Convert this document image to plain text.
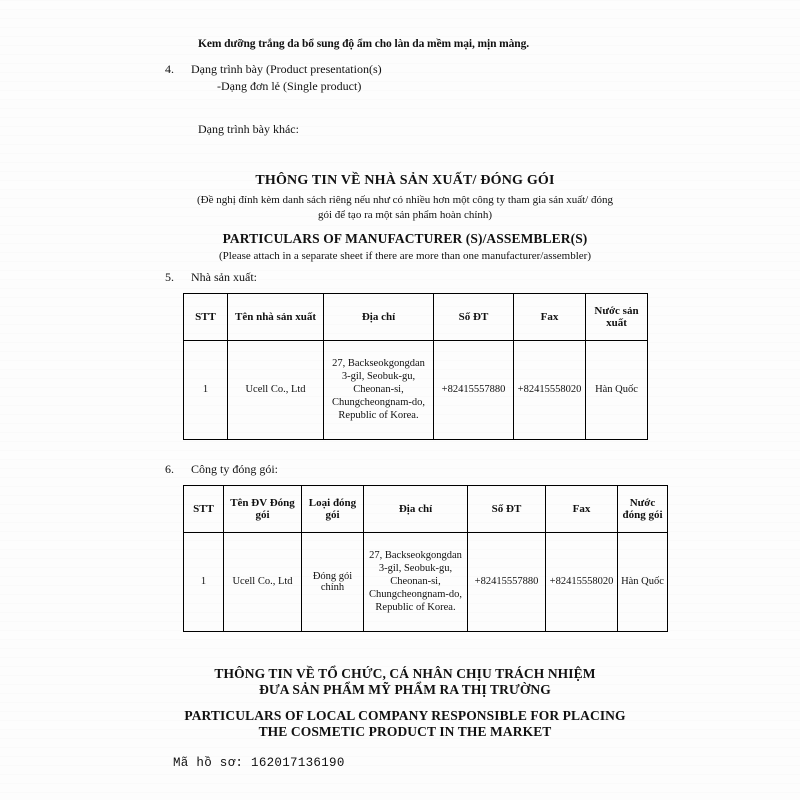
Kem dưỡng trắng da bổ sung độ ẩm cho làn da mềm mại, mịn màng.
4.	Dạng trình bày (Product presentation(s)
-Dạng đơn lẻ (Single product)
Dạng trình bày khác:
THÔNG TIN VỀ NHÀ SẢN XUẤT/ ĐÓNG GÓI
(Đề nghị đính kèm danh sách riêng nếu như có nhiều hơn một công ty tham gia sản xuất/ đóng
gói để tạo ra một sản phẩm hoàn chỉnh)
PARTICULARS OF MANUFACTURER (S)/ASSEMBLER(S)
(Please attach in a separate sheet if there are more than one manufacturer/assembler)
5.	Nhà sản xuất:
STT	Tên nhà sản xuất	Địa chỉ	Số ĐT	Fax	Nước sản xuất
1	Ucell Co., Ltd	27, Backseokgongdan 3-gil, Seobuk-gu, Cheonan-si, Chungcheongnam-do, Republic of Korea.	+82415557880	+82415558020	Hàn Quốc
6.	Công ty đóng gói:
STT	Tên ĐV Đóng gói	Loại đóng gói	Địa chỉ	Số ĐT	Fax	Nước đóng gói
1	Ucell Co., Ltd	Đóng gói chính	27, Backseokgongdan 3-gil, Seobuk-gu, Cheonan-si, Chungcheongnam-do, Republic of Korea.	+82415557880	+82415558020	Hàn Quốc
THÔNG TIN VỀ TỔ CHỨC, CÁ NHÂN CHỊU TRÁCH NHIỆM
ĐƯA SẢN PHẨM MỸ PHẨM RA THỊ TRƯỜNG
PARTICULARS OF LOCAL COMPANY RESPONSIBLE FOR PLACING
THE COSMETIC PRODUCT IN THE MARKET
Mã hồ sơ: 162017136190
